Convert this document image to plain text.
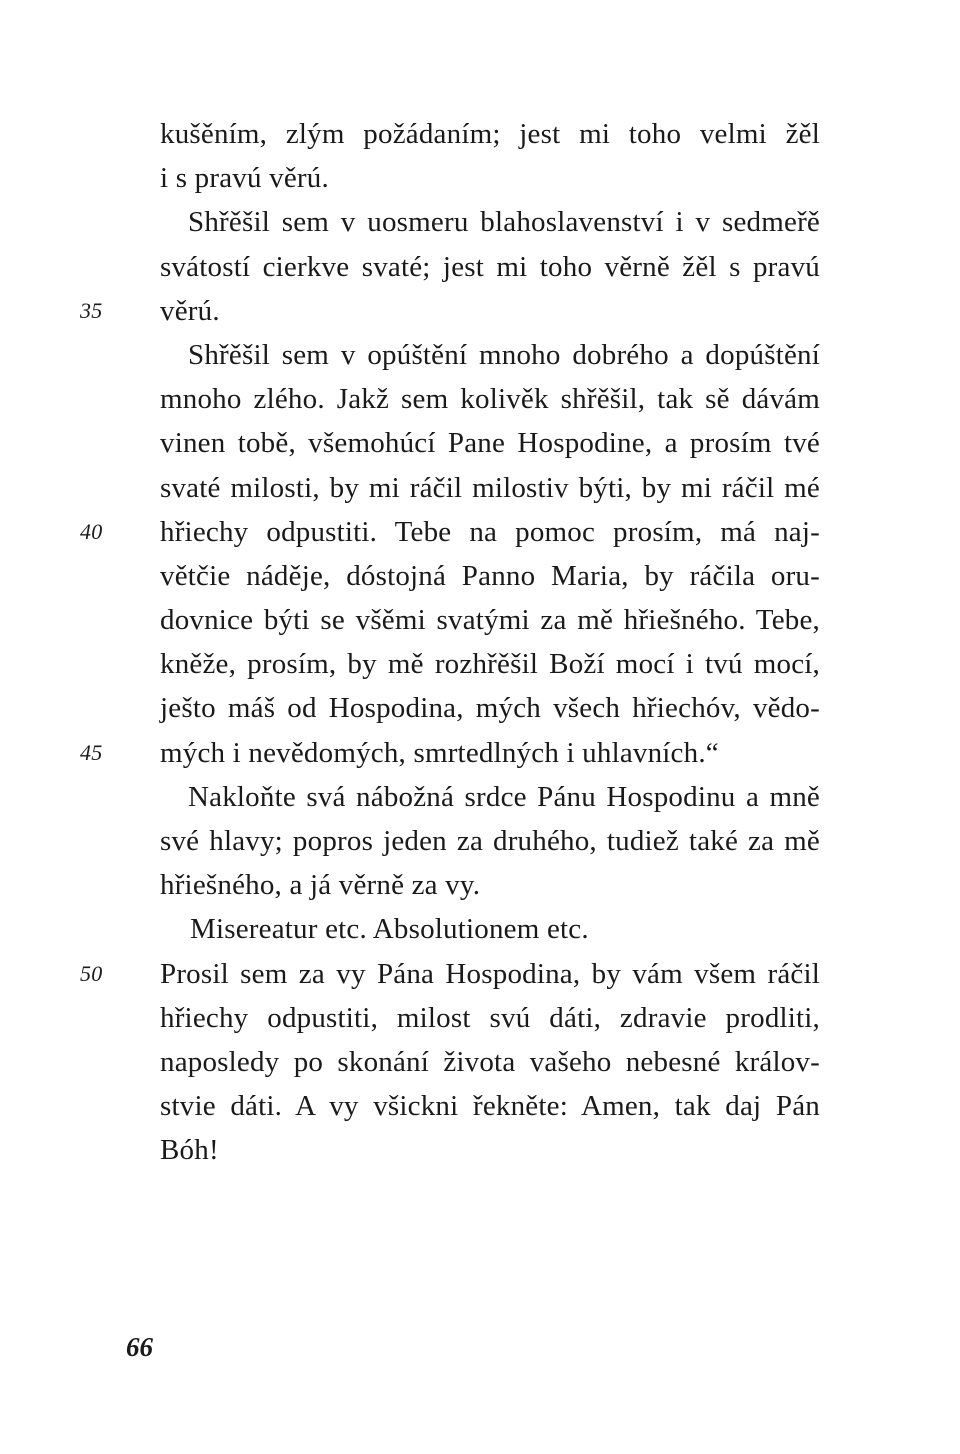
kušěním, zlým požádaním; jest mi toho velmi žěl
i s pravú věrú.
Shřěšil sem v uosmeru blahoslavenství i v sedmeřě
svátostí cierkve svaté; jest mi toho věrně žěl s pravú
35	věrú.
Shřěšil sem v opúštění mnoho dobrého a dopúštění
mnoho zlého. Jakž sem kolivěk shřěšil, tak sě dávám
vinen tobě, všemohúcí Pane Hospodine, a prosím tvé
svaté milosti, by mi ráčil milostiv býti, by mi ráčil mé
40	hřiechy odpustiti. Tebe na pomoc prosím, má naj-
větčie náděje, dóstojná Panno Maria, by ráčila oru-
dovnice býti se všěmi svatými za mě hřiešného. Tebe,
kněže, prosím, by mě rozhřěšil Boží mocí i tvú mocí,
ješto máš od Hospodina, mých všech hřiechóv, vědo-
45	mých i nevědomých, smrtedlných i uhlavních.“
Nakloňte svá nábožná srdce Pánu Hospodinu a mně
své hlavy; popros jeden za druhého, tudiež také za mě
hřiešného, a já věrně za vy.
Misereatur etc. Absolutionem etc.
50	Prosil sem za vy Pána Hospodina, by vám všem ráčil
hřiechy odpustiti, milost svú dáti, zdravie prodliti,
naposledy po skonání života vašeho nebesné králov-
stvie dáti. A vy všickni řekněte: Amen, tak daj Pán
Bóh!
66
